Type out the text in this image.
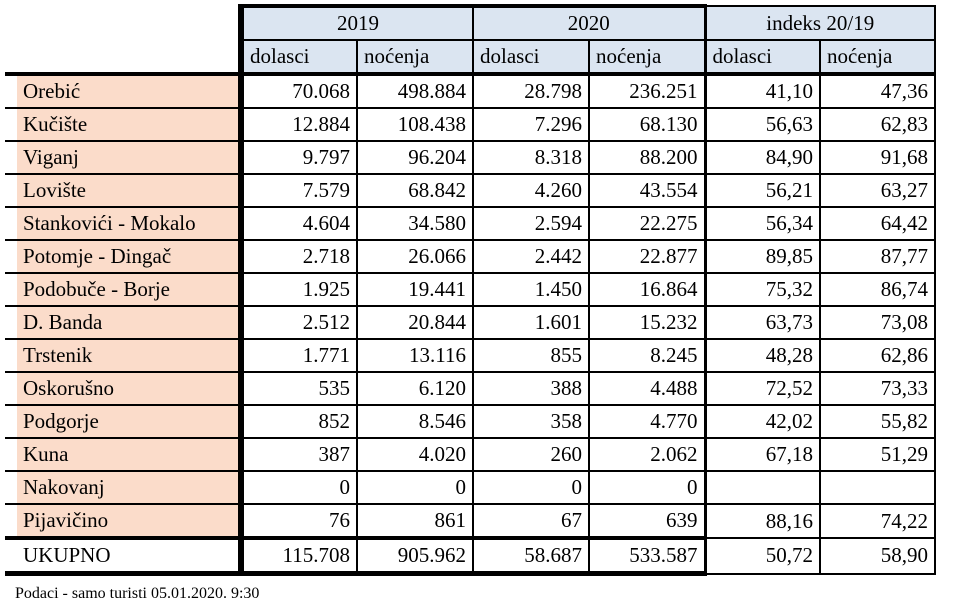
		2019		2020		indeks 20/19	
		dolasci	noćenja	dolasci	noćenja	dolasci	noćenja
	Orebić	70.068	498.884	28.798	236.251	41,10	47,36
	Kučište	12.884	108.438	7.296	68.130	56,63	62,83
	Viganj	9.797	96.204	8.318	88.200	84,90	91,68
	Lovište	7.579	68.842	4.260	43.554	56,21	63,27
	Stankovići - Mokalo	4.604	34.580	2.594	22.275	56,34	64,42
	Potomje - Dingač	2.718	26.066	2.442	22.877	89,85	87,77
	Podobuče - Borje	1.925	19.441	1.450	16.864	75,32	86,74
	D. Banda	2.512	20.844	1.601	15.232	63,73	73,08
	Trstenik	1.771	13.116	855	8.245	48,28	62,86
	Oskorušno	535	6.120	388	4.488	72,52	73,33
	Podgorje	852	8.546	358	4.770	42,02	55,82
	Kuna	387	4.020	260	2.062	67,18	51,29
	Nakovanj	0	0	0	0		
	Pijavičino	76	861	67	639	88,16	74,22
	UKUPNO	115.708	905.962	58.687	533.587	50,72	58,90
Podaci - samo turisti 05.01.2020. 9:30
